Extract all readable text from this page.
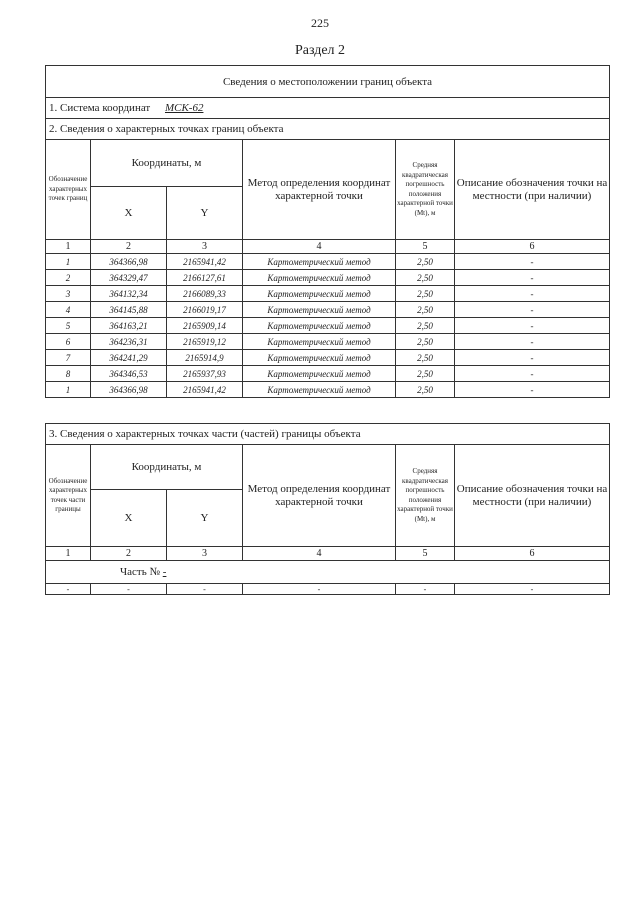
225
Раздел 2
Сведения о местоположении границ объекта					
1. Система координат МСК-62					
2. Сведения о характерных точках границ объекта					
Обозначение характерных точек границ	Координаты, м		Метод определения координат характерной точки	Средняя квадратическая погрешность положения характерной точки (Mt), м	Описание обозначения точки на местности (при наличии)
	X	Y			
1	2	3	4	5	6
1	364366,98	2165941,42	Картометрический метод	2,50	-
2	364329,47	2166127,61	Картометрический метод	2,50	-
3	364132,34	2166089,33	Картометрический метод	2,50	-
4	364145,88	2166019,17	Картометрический метод	2,50	-
5	364163,21	2165909,14	Картометрический метод	2,50	-
6	364236,31	2165919,12	Картометрический метод	2,50	-
7	364241,29	2165914,9	Картометрический метод	2,50	-
8	364346,53	2165937,93	Картометрический метод	2,50	-
1	364366,98	2165941,42	Картометрический метод	2,50	-
3. Сведения о характерных точках части (частей) границы объекта					
Обозначение характерных точек части границы	Координаты, м		Метод определения координат характерной точки	Средняя квадратическая погрешность положения характерной точки (Mt), м	Описание обозначения точки на местности (при наличии)
	X	Y			
1	2	3	4	5	6
Часть № -					
-	-	-	-	-	-
